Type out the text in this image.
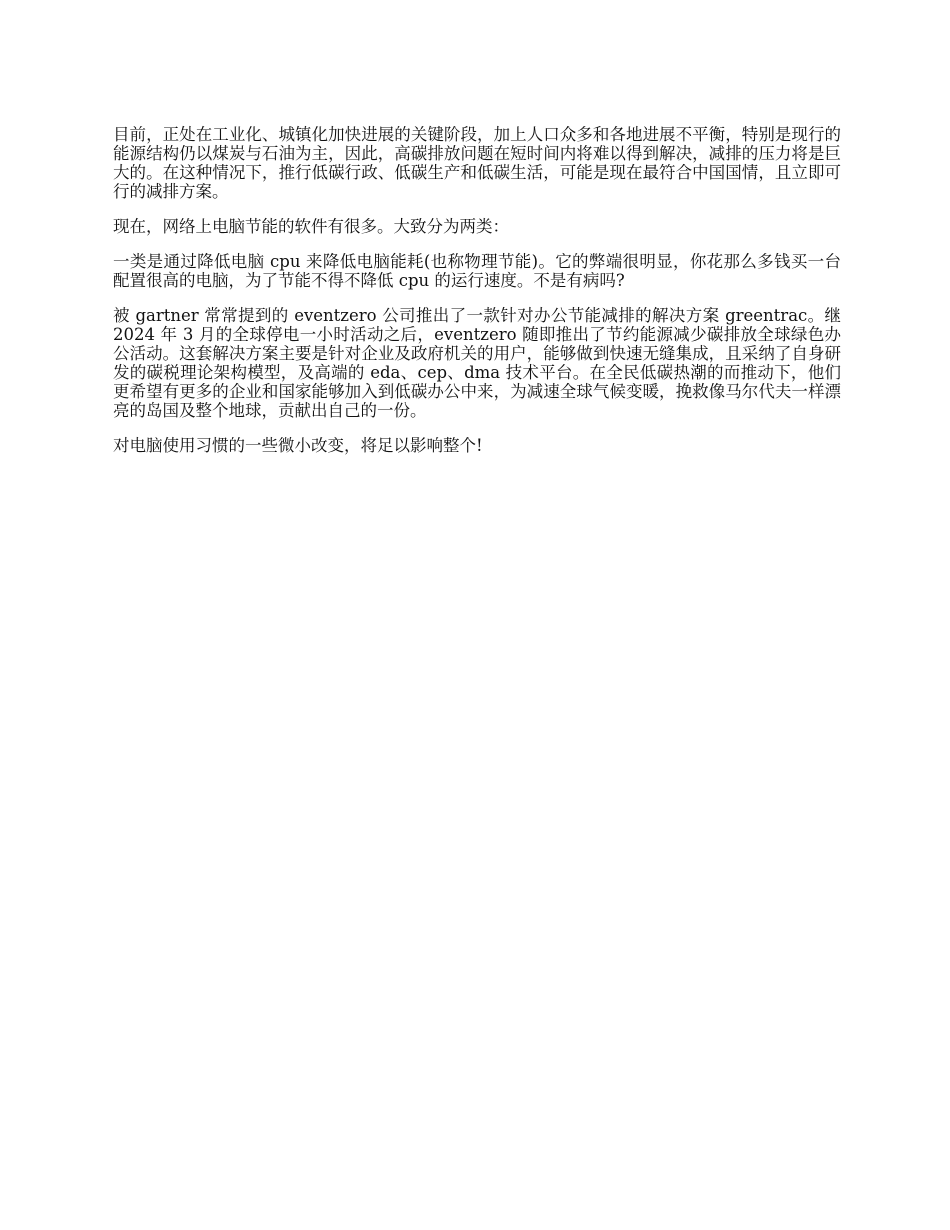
目前，正处在工业化、城镇化加快进展的关键阶段，加上人口众多和各地进展不平衡，特别是现行的能源结构仍以煤炭与石油为主，因此，高碳排放问题在短时间内将难以得到解决，减排的压力将是巨大的。在这种情况下，推行低碳行政、低碳生产和低碳生活，可能是现在最符合中国国情，且立即可行的减排方案。

现在，网络上电脑节能的软件有很多。大致分为两类：

一类是通过降低电脑 cpu 来降低电脑能耗(也称物理节能)。它的弊端很明显，你花那么多钱买一台配置很高的电脑，为了节能不得不降低 cpu 的运行速度。不是有病吗?

被 gartner 常常提到的 eventzero 公司推出了一款针对办公节能减排的解决方案 greentrac。继 2024 年 3 月的全球停电一小时活动之后，eventzero 随即推出了节约能源减少碳排放全球绿色办公活动。这套解决方案主要是针对企业及政府机关的用户，能够做到快速无缝集成，且采纳了自身研发的碳税理论架构模型，及高端的 eda、cep、dma 技术平台。在全民低碳热潮的而推动下，他们更希望有更多的企业和国家能够加入到低碳办公中来，为减速全球气候变暖，挽救像马尔代夫一样漂亮的岛国及整个地球，贡献出自己的一份。

对电脑使用习惯的一些微小改变，将足以影响整个!
